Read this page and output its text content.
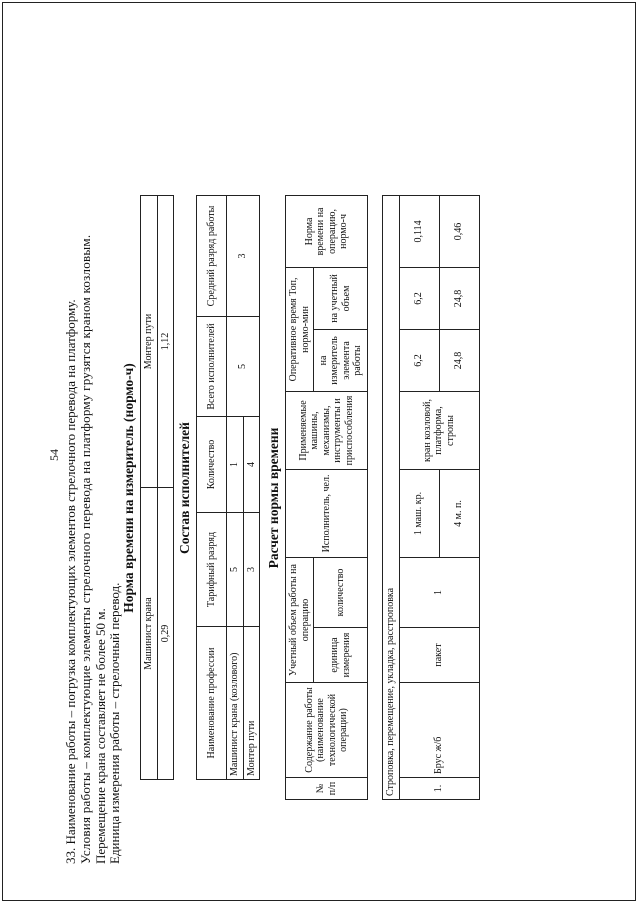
54 33. Наименование работы – погрузка комплектующих элементов стрелочного перевода на платформу. Условия работы – комплектующие элементы стрелочного перевода на платформу грузятся краном козловым. Перемещение крана составляет не более 50 м. Единица измерения работы – стрелочный перевод.
Норма времени на измеритель (нормо-ч)
Машинист крана	Монтер пути
0,29	1,12
Состав исполнителей
Наименование профессии	Тарифный разряд	Количество	Всего исполнителей	Средний разряд работы
Машинист крана (козлового)	5	1	5	3
Монтер пути	3	4		Расчет нормы времени
№ п/п	Содержание работы (наименование технологической операции)	Учетный объем работы на операцию		Исполнитель, чел.	Применяемые машины, механизмы, инструменты и приспособления	Оперативное время Топ, нормо-мин		Норма времени на операцию, нормо-ч
		единица измерения	количество			на измеритель элемента работы	на учетный объем	

Строповка, перемещение, укладка, расстроповка								
1.	Брус ж/б	пакет	1	1 маш. кр.	кран козловой, платформа, стропы	6,2	6,2	0,114
				4 м. п.		24,8	24,8	0,46
